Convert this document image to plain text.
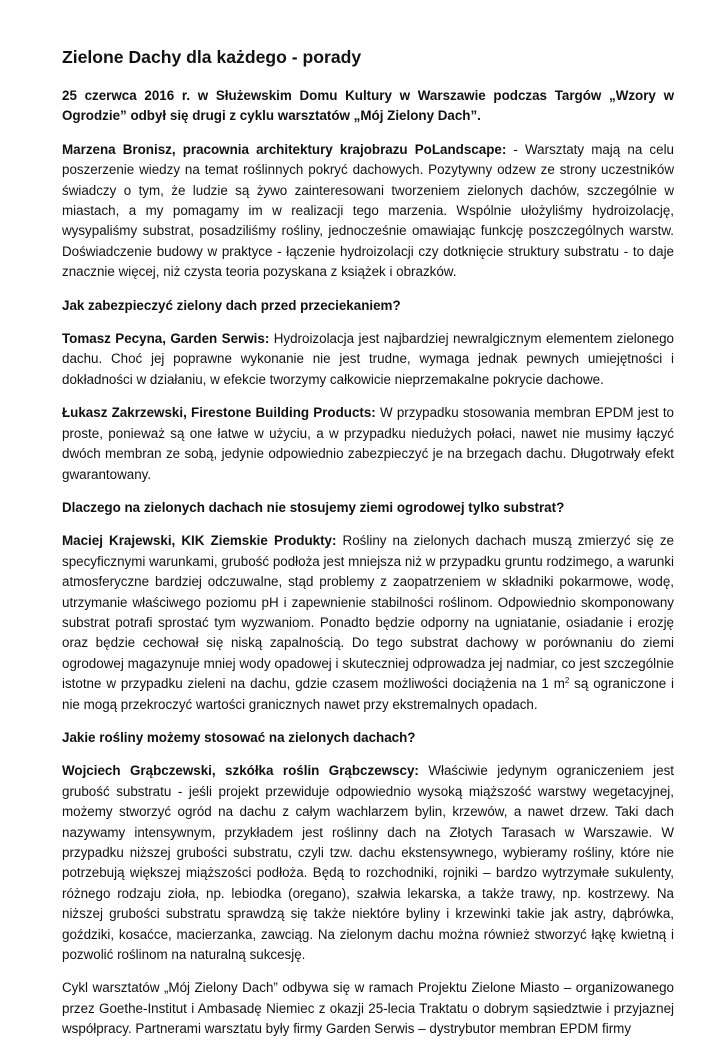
Zielone Dachy dla każdego - porady

25 czerwca 2016 r. w Służewskim Domu Kultury w Warszawie podczas Targów „Wzory w Ogrodzie” odbył się drugi z cyklu warsztatów „Mój Zielony Dach”.

Marzena Bronisz, pracownia architektury krajobrazu PoLandscape: - Warsztaty mają na celu poszerzenie wiedzy na temat roślinnych pokryć dachowych. Pozytywny odzew ze strony uczestników świadczy o tym, że ludzie są żywo zainteresowani tworzeniem zielonych dachów, szczególnie w miastach, a my pomagamy im w realizacji tego marzenia. Wspólnie ułożyliśmy hydroizolację, wysypaliśmy substrat, posadziliśmy rośliny, jednocześnie omawiając funkcję poszczególnych warstw. Doświadczenie budowy w praktyce - łączenie hydroizolacji czy dotknięcie struktury substratu - to daje znacznie więcej, niż czysta teoria pozyskana z książek i obrazków.

Jak zabezpieczyć zielony dach przed przeciekaniem?

Tomasz Pecyna, Garden Serwis: Hydroizolacja jest najbardziej newralgicznym elementem zielonego dachu. Choć jej poprawne wykonanie nie jest trudne, wymaga jednak pewnych umiejętności i dokładności w działaniu, w efekcie tworzymy całkowicie nieprzemakalne pokrycie dachowe.

Łukasz Zakrzewski, Firestone Building Products: W przypadku stosowania membran EPDM jest to proste, ponieważ są one łatwe w użyciu, a w przypadku niedużych połaci, nawet nie musimy łączyć dwóch membran ze sobą, jedynie odpowiednio zabezpieczyć je na brzegach dachu. Długotrwały efekt gwarantowany.

Dlaczego na zielonych dachach nie stosujemy ziemi ogrodowej tylko substrat?

Maciej Krajewski, KIK Ziemskie Produkty: Rośliny na zielonych dachach muszą zmierzyć się ze specyficznymi warunkami, grubość podłoża jest mniejsza niż w przypadku gruntu rodzimego, a warunki atmosferyczne bardziej odczuwalne, stąd problemy z zaopatrzeniem w składniki pokarmowe, wodę, utrzymanie właściwego poziomu pH i zapewnienie stabilności roślinom. Odpowiednio skomponowany substrat potrafi sprostać tym wyzwaniom. Ponadto będzie odporny na ugniatanie, osiadanie i erozję oraz będzie cechował się niską zapalnością. Do tego substrat dachowy w porównaniu do ziemi ogrodowej magazynuje mniej wody opadowej i skuteczniej odprowadza jej nadmiar, co jest szczególnie istotne w przypadku zieleni na dachu, gdzie czasem możliwości dociążenia na 1 $m^2$ są ograniczone i nie mogą przekroczyć wartości granicznych nawet przy ekstremalnych opadach.

Jakie rośliny możemy stosować na zielonych dachach?

Wojciech Grąbczewski, szkółka roślin Grąbczewscy: Właściwie jedynym ograniczeniem jest grubość substratu - jeśli projekt przewiduje odpowiednio wysoką miąższość warstwy wegetacyjnej, możemy stworzyć ogród na dachu z całym wachlarzem bylin, krzewów, a nawet drzew. Taki dach nazywamy intensywnym, przykładem jest roślinny dach na Złotych Tarasach w Warszawie. W przypadku niższej grubości substratu, czyli tzw. dachu ekstensywnego, wybieramy rośliny, które nie potrzebują większej miąższości podłoża. Będą to rozchodniki, rojniki – bardzo wytrzymałe sukulenty, różnego rodzaju zioła, np. lebiodka (oregano), szałwia lekarska, a także trawy, np. kostrzewy. Na niższej grubości substratu sprawdzą się także niektóre byliny i krzewinki takie jak astry, dąbrówka, goździki, kosaćce, macierzanka, zawciąg. Na zielonym dachu można również stworzyć łąkę kwietną i pozwolić roślinom na naturalną sukcesję.

Cykl warsztatów „Mój Zielony Dach” odbywa się w ramach Projektu Zielone Miasto – organizowanego przez Goethe-Institut i Ambasadę Niemiec z okazji 25-lecia Traktatu o dobrym sąsiedztwie i przyjaznej współpracy. Partnerami warsztatu były firmy Garden Serwis – dystrybutor membran EPDM firmy
